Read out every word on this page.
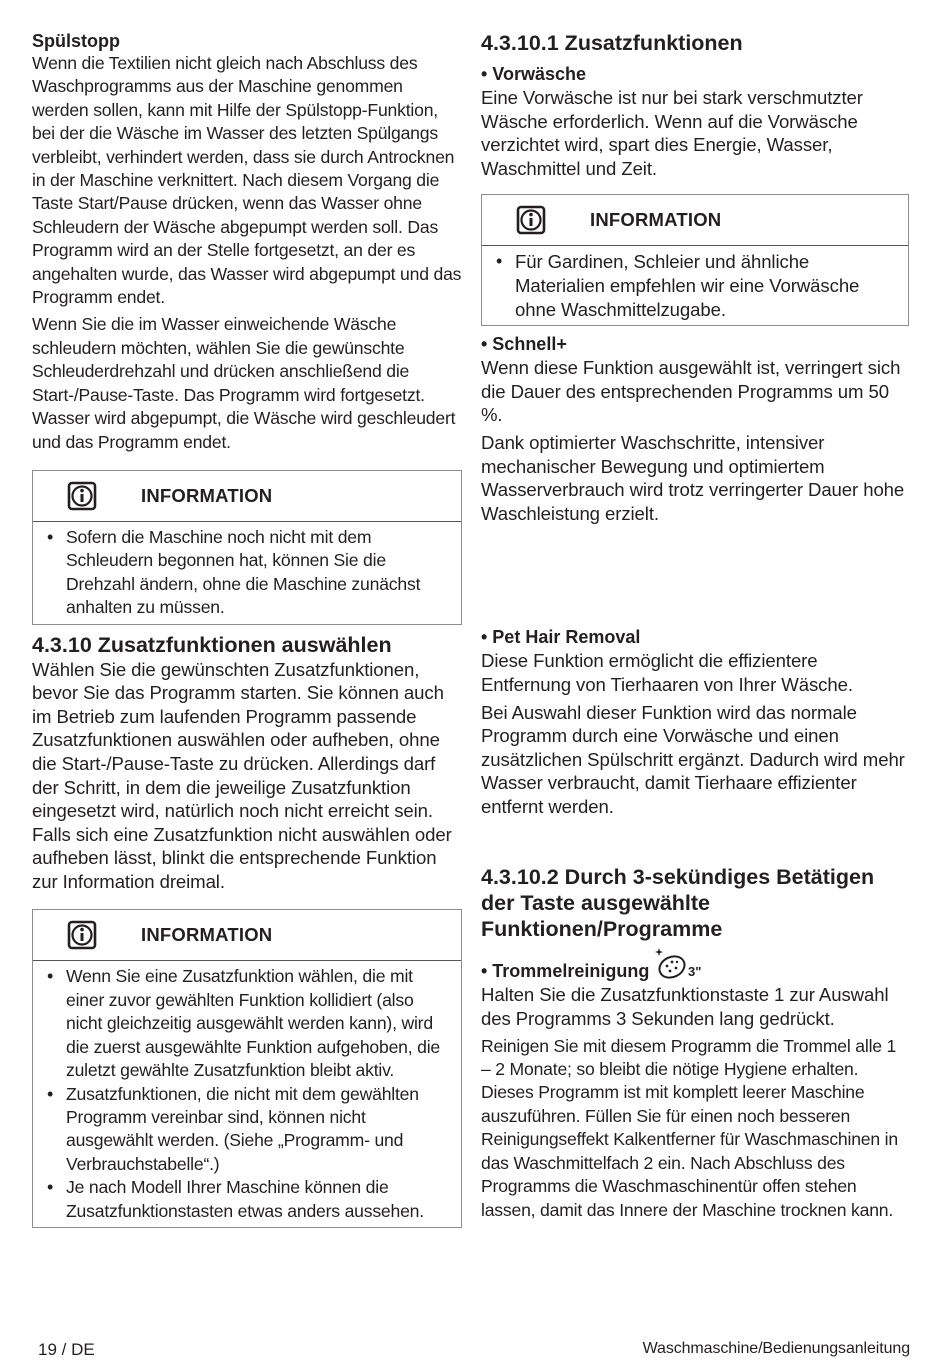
Spülstopp

Wenn die Textilien nicht gleich nach Abschluss des Waschprogramms aus der Maschine genommen werden sollen, kann mit Hilfe der Spülstopp-Funktion, bei der die Wäsche im Wasser des letzten Spülgangs verbleibt, verhindert werden, dass sie durch Antrocknen in der Maschine verknittert. Nach diesem Vorgang die Taste Start/Pause drücken, wenn das Wasser ohne Schleudern der Wäsche abgepumpt werden soll. Das Programm wird an der Stelle fortgesetzt, an der es angehalten wurde, das Wasser wird abgepumpt und das Programm endet.

Wenn Sie die im Wasser einweichende Wäsche schleudern möchten, wählen Sie die gewünschte Schleuderdrehzahl und drücken anschließend die Start-/Pause-Taste. Das Programm wird fortgesetzt. Wasser wird abgepumpt, die Wäsche wird geschleudert und das Programm endet.

INFORMATION
• Sofern die Maschine noch nicht mit dem Schleudern begonnen hat, können Sie die Drehzahl ändern, ohne die Maschine zunächst anhalten zu müssen.

4.3.10 Zusatzfunktionen auswählen

Wählen Sie die gewünschten Zusatzfunktionen, bevor Sie das Programm starten. Sie können auch im Betrieb zum laufenden Programm passende Zusatzfunktionen auswählen oder aufheben, ohne die Start-/Pause-Taste zu drücken. Allerdings darf der Schritt, in dem die jeweilige Zusatzfunktion eingesetzt wird, natürlich noch nicht erreicht sein. Falls sich eine Zusatzfunktion nicht auswählen oder aufheben lässt, blinkt die entsprechende Funktion zur Information dreimal.

INFORMATION
• Wenn Sie eine Zusatzfunktion wählen, die mit einer zuvor gewählten Funktion kollidiert (also nicht gleichzeitig ausgewählt werden kann), wird die zuerst ausgewählte Funktion aufgehoben, die zuletzt gewählte Zusatzfunktion bleibt aktiv.
• Zusatzfunktionen, die nicht mit dem gewählten Programm vereinbar sind, können nicht ausgewählt werden. (Siehe „Programm- und Verbrauchstabelle“.)
• Je nach Modell Ihrer Maschine können die Zusatzfunktionstasten etwas anders aussehen.

4.3.10.1 Zusatzfunktionen

• Vorwäsche

Eine Vorwäsche ist nur bei stark verschmutzter Wäsche erforderlich. Wenn auf die Vorwäsche verzichtet wird, spart dies Energie, Wasser, Waschmittel und Zeit.

INFORMATION
• Für Gardinen, Schleier und ähnliche Materialien empfehlen wir eine Vorwäsche ohne Waschmittelzugabe.

• Schnell+

Wenn diese Funktion ausgewählt ist, verringert sich die Dauer des entsprechenden Programms um 50 %.

Dank optimierter Waschschritte, intensiver mechanischer Bewegung und optimiertem Wasserverbrauch wird trotz verringerter Dauer hohe Waschleistung erzielt.

• Pet Hair Removal

Diese Funktion ermöglicht die effizientere Entfernung von Tierhaaren von Ihrer Wäsche.

Bei Auswahl dieser Funktion wird das normale Programm durch eine Vorwäsche und einen zusätzlichen Spülschritt ergänzt. Dadurch wird mehr Wasser verbraucht, damit Tierhaare effizienter entfernt werden.

4.3.10.2 Durch 3-sekündiges Betätigen der Taste ausgewählte Funktionen/Programme

• Trommelreinigung	3"

Halten Sie die Zusatzfunktionstaste 1 zur Auswahl des Programms 3 Sekunden lang gedrückt.

Reinigen Sie mit diesem Programm die Trommel alle 1 – 2 Monate; so bleibt die nötige Hygiene erhalten. Dieses Programm ist mit komplett leerer Maschine auszuführen. Füllen Sie für einen noch besseren Reinigungseffekt Kalkentferner für Waschmaschinen in das Waschmittelfach 2 ein. Nach Abschluss des Programms die Waschmaschinentür offen stehen lassen, damit das Innere der Maschine trocknen kann.

19 / DE	Waschmaschine/Bedienungsanleitung
